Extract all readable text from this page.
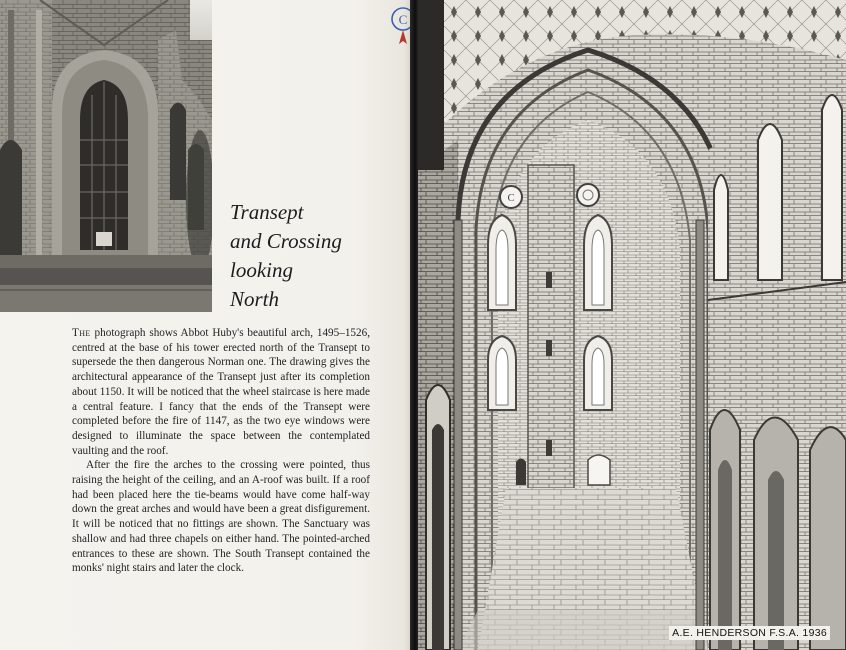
C
Transept
and Crossing
looking
North

The photograph shows Abbot Huby's beautiful arch, 1495–1526, centred at the base of his tower erected north of the Transept to supersede the then dangerous Norman one. The drawing gives the architectural appearance of the Transept just after its completion about 1150. It will be noticed that the wheel staircase is here made a central feature. I fancy that the ends of the Transept were completed before the fire of 1147, as the two eye windows were designed to illuminate the space between the contemplated vaulting and the roof.

After the fire the arches to the crossing were pointed, thus raising the height of the ceiling, and an A-roof was built. If a roof had been placed here the tie-beams would have come half-way down the great arches and would have been a great disfigurement. It will be noticed that no fittings are shown. The Sanctuary was shallow and had three chapels on either hand. The pointed-arched entrances to these are shown. The South Transept contained the monks' night stairs and later the clock.

C
A.E. HENDERSON F.S.A. 1936
